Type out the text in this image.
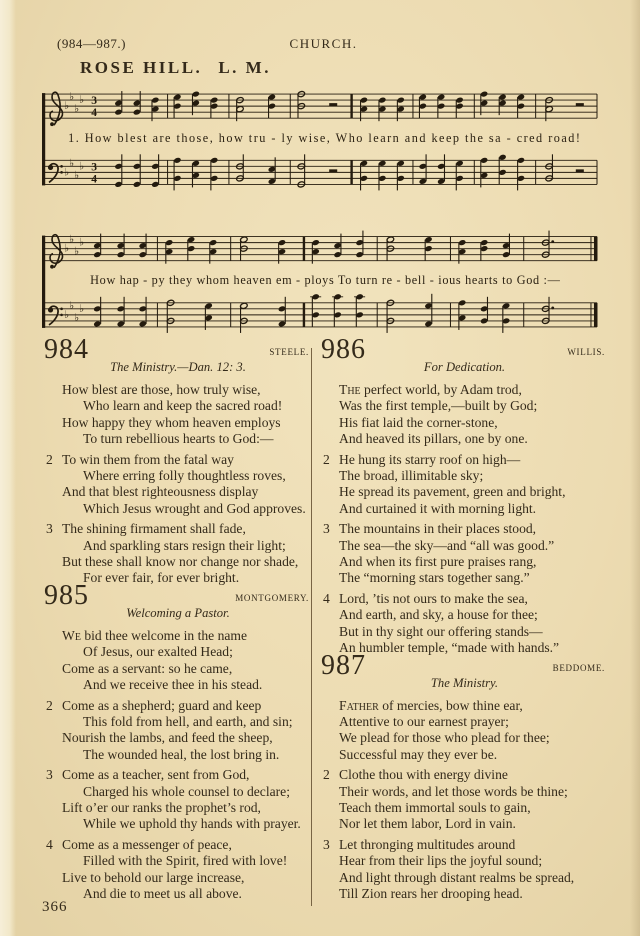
(984—987.)	CHURCH.
ROSE HILL. L. M.
♭
♭
♭
♭ 3
4
♭
♭
♭
♭ 3
4
♭
♭
♭
♭
♭
♭
♭
♭
1. How blest are those, how tru - ly wise, Who learn and keep the sa - cred road!
How hap - py they whom heaven em - ploys To turn re - bell - ious hearts to God :—
984
The Ministry.—Dan. 12: 3.
STEELE.
How blest are those, how truly wise,
Who learn and keep the sacred road!
How happy they whom heaven employs
To turn rebellious hearts to God:—
2 To win them from the fatal way
Where erring folly thoughtless roves,
And that blest righteousness display
Which Jesus wrought and God approves.
3 The shining firmament shall fade,
And sparkling stars resign their light;
But these shall know nor change nor shade,
For ever fair, for ever bright.
985
Welcoming a Pastor.
MONTGOMERY.
We bid thee welcome in the name
Of Jesus, our exalted Head;
Come as a servant: so he came,
And we receive thee in his stead.
2 Come as a shepherd; guard and keep
This fold from hell, and earth, and sin;
Nourish the lambs, and feed the sheep,
The wounded heal, the lost bring in.
3 Come as a teacher, sent from God,
Charged his whole counsel to declare;
Lift o’er our ranks the prophet’s rod,
While we uphold thy hands with prayer.
4 Come as a messenger of peace,
Filled with the Spirit, fired with love!
Live to behold our large increase,
And die to meet us all above.
986
For Dedication.
WILLIS.
The perfect world, by Adam trod,
Was the first temple,—built by God;
His fiat laid the corner-stone,
And heaved its pillars, one by one.
2 He hung its starry roof on high—
The broad, illimitable sky;
He spread its pavement, green and bright,
And curtained it with morning light.
3 The mountains in their places stood,
The sea—the sky—and “all was good.”
And when its first pure praises rang,
The “morning stars together sang.”
4 Lord, ’tis not ours to make the sea,
And earth, and sky, a house for thee;
But in thy sight our offering stands—
An humbler temple, “made with hands.”
987
The Ministry.
BEDDOME.
Father of mercies, bow thine ear,
Attentive to our earnest prayer;
We plead for those who plead for thee;
Successful may they ever be.
2 Clothe thou with energy divine
Their words, and let those words be thine;
Teach them immortal souls to gain,
Nor let them labor, Lord in vain.
3 Let thronging multitudes around
Hear from their lips the joyful sound;
And light through distant realms be spread,
Till Zion rears her drooping head.
366
